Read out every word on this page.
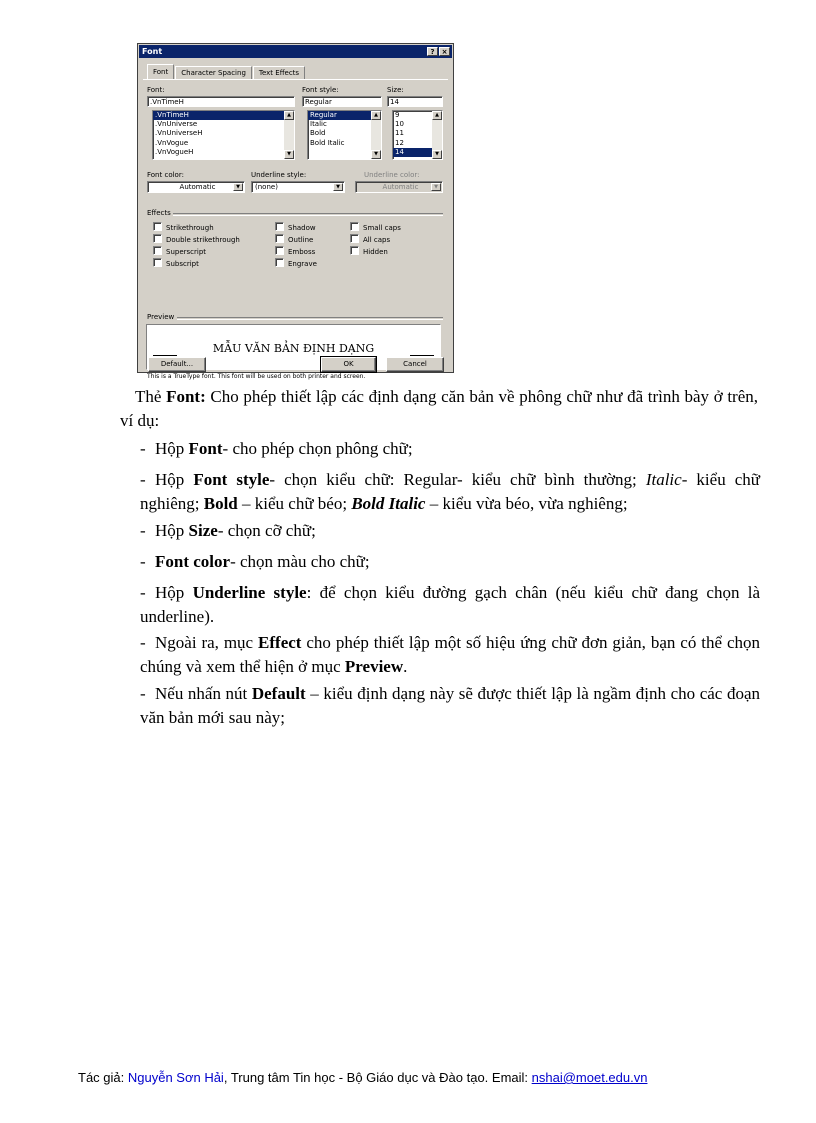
Font	?	×
Font	Character Spacing	Text Effects
Font:
.VnTimeH
.VnTimeH
.VnUniverse
.VnUniverseH
.VnVogue
.VnVogueH
▲
▼
Font style:
Regular
Regular
Italic
Bold
Bold Italic
▲
▼
Size:
14
9
10
11
12
14
▲
▼
Font color:
Automatic	▼
Underline style:
(none)	▼
Underline color:
Automatic	▼
Effects
Strikethrough
Double strikethrough
Superscript
Subscript
Shadow
Outline
Emboss
Engrave
Small caps
All caps
Hidden
Preview
MẪU VĂN BẢN ĐỊNH DẠNG
This is a TrueType font. This font will be used on both printer and screen.
Default...	OK	Cancel
Thẻ Font: Cho phép thiết lập các định dạng căn bản về phông chữ như đã trình bày ở trên, ví dụ:
- Hộp Font- cho phép chọn phông chữ;
- Hộp Font style- chọn kiểu chữ: Regular- kiểu chữ bình thường; Italic- kiểu chữ nghiêng; Bold – kiểu chữ béo; Bold Italic – kiểu vừa béo, vừa nghiêng;
- Hộp Size- chọn cỡ chữ;
- Font color- chọn màu cho chữ;
- Hộp Underline style: để chọn kiểu đường gạch chân (nếu kiểu chữ đang chọn là underline).
- Ngoài ra, mục Effect cho phép thiết lập một số hiệu ứng chữ đơn giản, bạn có thể chọn chúng và xem thể hiện ở mục Preview.
- Nếu nhấn nút Default – kiểu định dạng này sẽ được thiết lập là ngầm định cho các đoạn văn bản mới sau này;
Tác giả: Nguyễn Sơn Hải, Trung tâm Tin học - Bộ Giáo dục và Đào tạo. Email: nshai@moet.edu.vn
